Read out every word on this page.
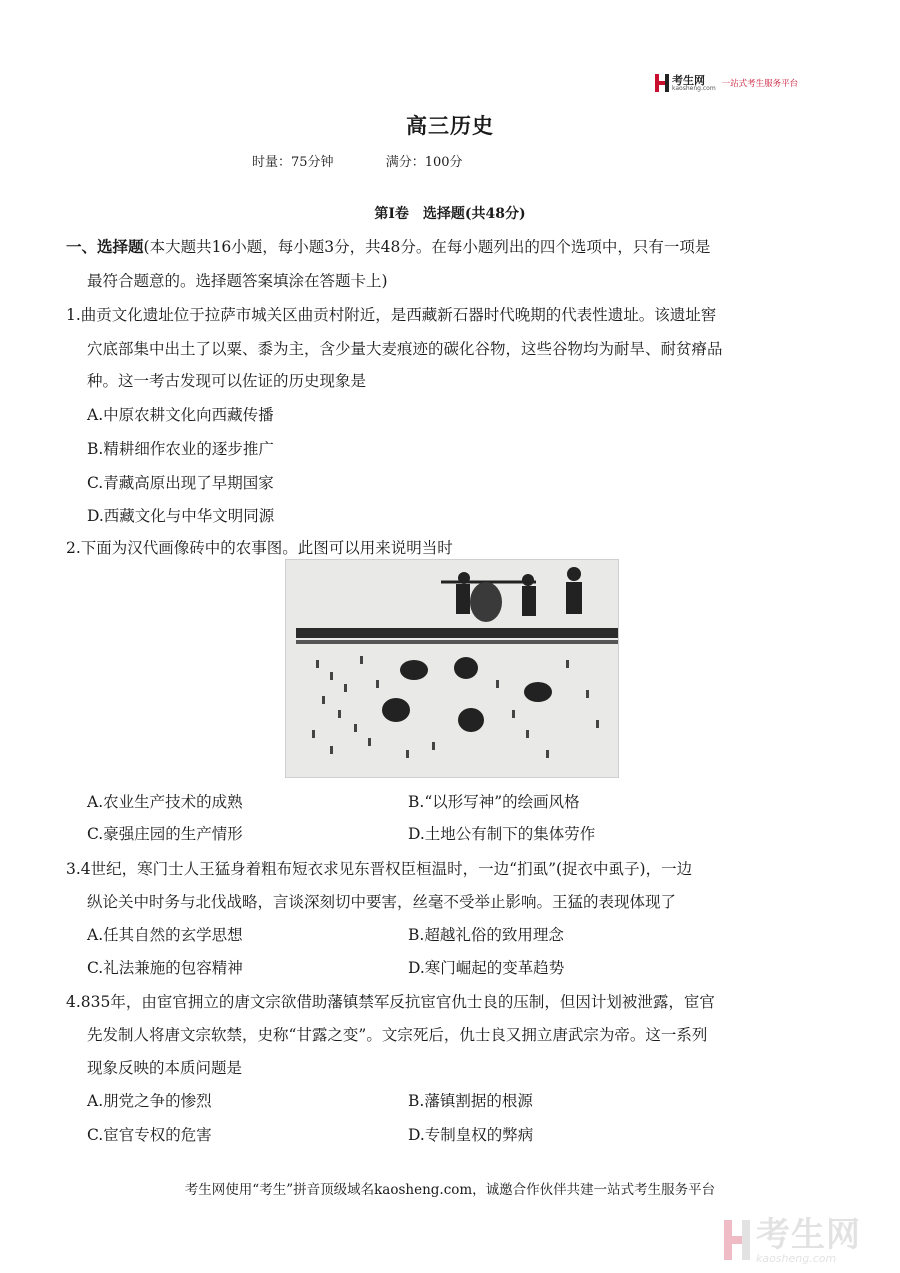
考生网
kaosheng.com 一站式考生服务平台
高三历史
时量：75分钟	满分：100分
第Ⅰ卷　选择题(共48分)
一、选择题(本大题共16小题，每小题3分，共48分。在每小题列出的四个选项中，只有一项是
最符合题意的。选择题答案填涂在答题卡上)
1.曲贡文化遗址位于拉萨市城关区曲贡村附近，是西藏新石器时代晚期的代表性遗址。该遗址窖
穴底部集中出土了以粟、黍为主，含少量大麦痕迹的碳化谷物，这些谷物均为耐旱、耐贫瘠品
种。这一考古发现可以佐证的历史现象是
A.中原农耕文化向西藏传播
B.精耕细作农业的逐步推广
C.青藏高原出现了早期国家
D.西藏文化与中华文明同源
2.下面为汉代画像砖中的农事图。此图可以用来说明当时
A.农业生产技术的成熟	B.“以形写神”的绘画风格
C.豪强庄园的生产情形	D.土地公有制下的集体劳作
3.4世纪，寒门士人王猛身着粗布短衣求见东晋权臣桓温时，一边“扪虱”(捉衣中虱子)，一边
纵论关中时务与北伐战略，言谈深刻切中要害，丝毫不受举止影响。王猛的表现体现了
A.任其自然的玄学思想	B.超越礼俗的致用理念
C.礼法兼施的包容精神	D.寒门崛起的变革趋势
4.835年，由宦官拥立的唐文宗欲借助藩镇禁军反抗宦官仇士良的压制，但因计划被泄露，宦官
先发制人将唐文宗软禁，史称“甘露之变”。文宗死后，仇士良又拥立唐武宗为帝。这一系列
现象反映的本质问题是
A.朋党之争的惨烈	B.藩镇割据的根源
C.宦官专权的危害	D.专制皇权的弊病
考生网使用“考生”拼音顶级域名kaosheng.com，诚邀合作伙伴共建一站式考生服务平台
考生网
kaosheng.com
